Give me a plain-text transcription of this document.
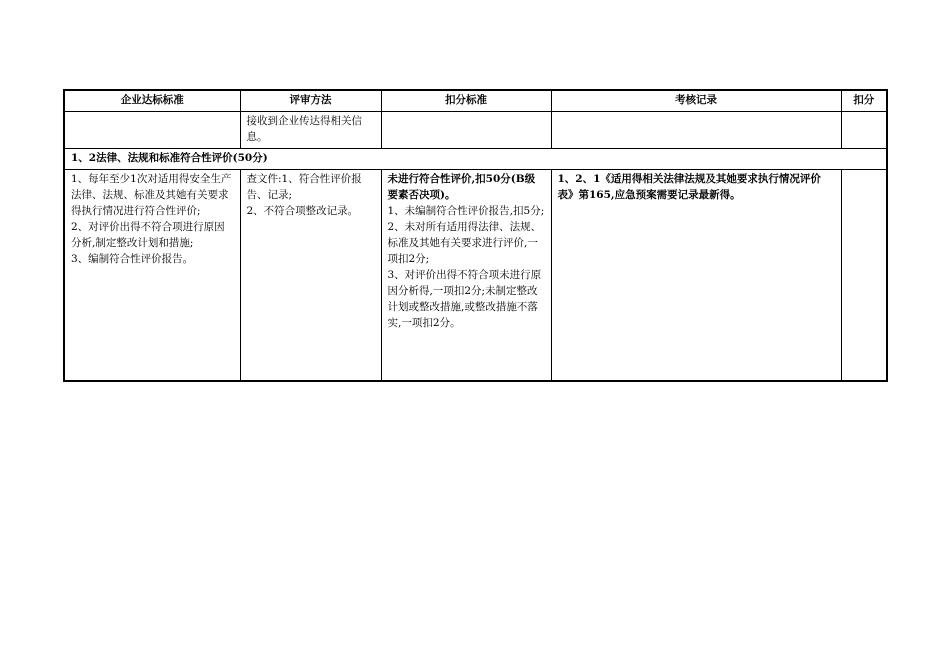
企业达标标准	评审方法	扣分标准	考核记录	扣分
	接收到企业传达得相关信息。			
1、2法律、法规和标准符合性评价(50分)				

1、每年至少1次对适用得安全生产法律、法规、标准及其她有关要求得执行情况进行符合性评价;
2、对评价出得不符合项进行原因分析,制定整改计划和措施;
3、编制符合性评价报告。	查文件:1、符合性评价报告、记录;
2、不符合项整改记录。	未进行符合性评价,扣50分(B级要素否决项)。
1、未编制符合性评价报告,扣5分;
2、未对所有适用得法律、法规、标准及其她有关要求进行评价,一项扣2分;
3、对评价出得不符合项未进行原因分析得,一项扣2分;未制定整改计划或整改措施,或整改措施不落实,一项扣2分。	1、2、1《适用得相关法律法规及其她要求执行情况评价表》第165,应急预案需要记录最新得。	
